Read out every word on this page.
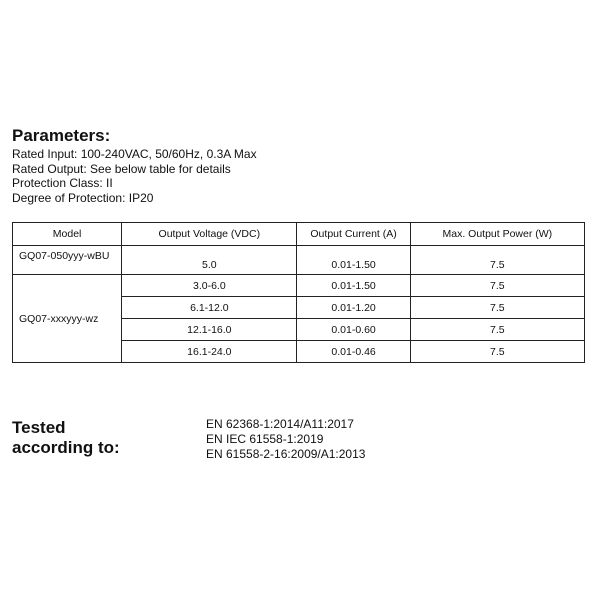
Parameters:
Rated Input: 100-240VAC, 50/60Hz, 0.3A Max
Rated Output: See below table for details
Protection Class: II
Degree of Protection: IP20
Model	Output Voltage (VDC)	Output Current (A)	Max. Output Power (W)
GQ07-050yyy-wBU	5.0	0.01-1.50	7.5
GQ07-xxxyyy-wz	3.0-6.0	0.01-1.50	7.5
	6.1-12.0	0.01-1.20	7.5
	12.1-16.0	0.01-0.60	7.5
	16.1-24.0	0.01-0.46	7.5
Tested
according to:
EN 62368-1:2014/A11:2017
EN IEC 61558-1:2019
EN 61558-2-16:2009/A1:2013
